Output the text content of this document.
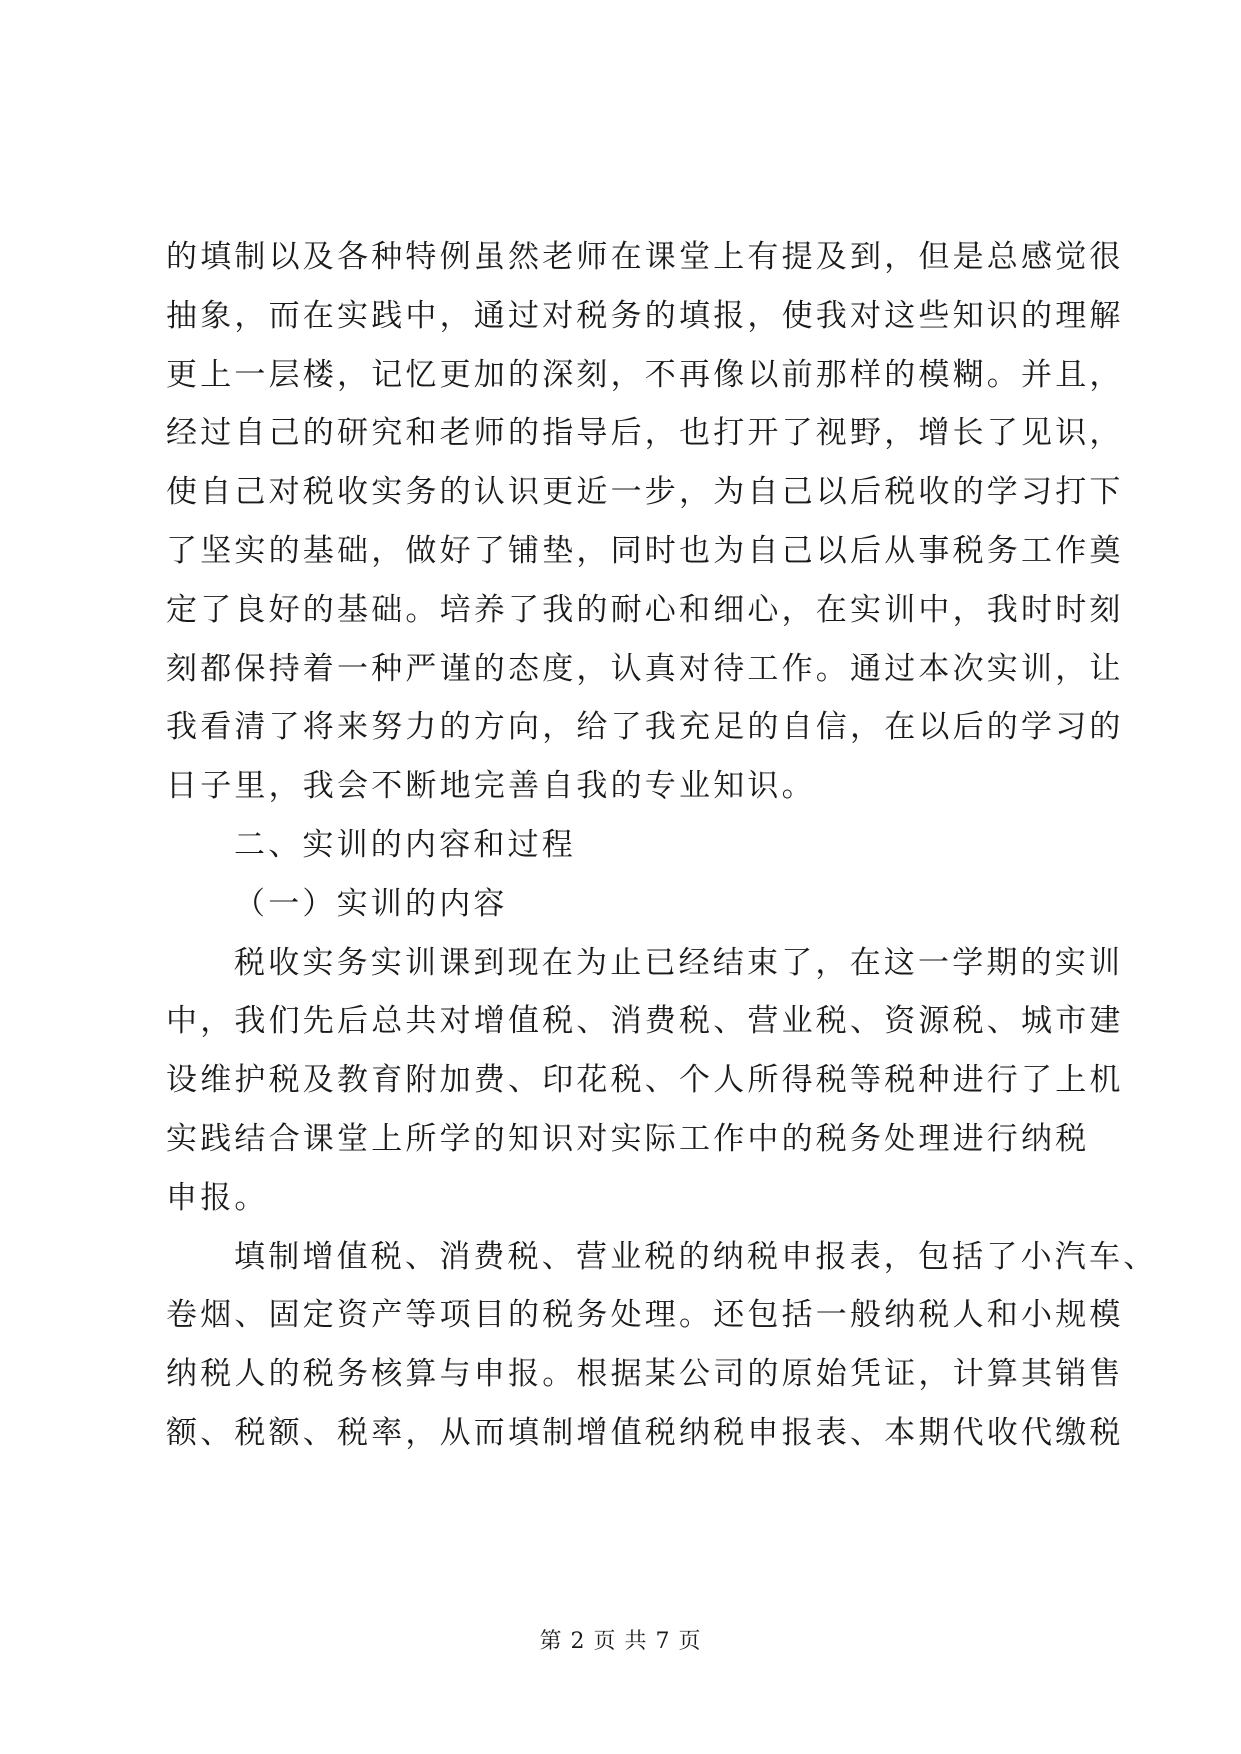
的填制以及各种特例虽然老师在课堂上有提及到，但是总感觉很
抽象，而在实践中，通过对税务的填报，使我对这些知识的理解
更上一层楼，记忆更加的深刻，不再像以前那样的模糊。并且，
经过自己的研究和老师的指导后，也打开了视野，增长了见识，
使自己对税收实务的认识更近一步，为自己以后税收的学习打下
了坚实的基础，做好了铺垫，同时也为自己以后从事税务工作奠
定了良好的基础。培养了我的耐心和细心，在实训中，我时时刻
刻都保持着一种严谨的态度，认真对待工作。通过本次实训，让
我看清了将来努力的方向，给了我充足的自信，在以后的学习的
日子里，我会不断地完善自我的专业知识。
二、实训的内容和过程
（一）实训的内容
税收实务实训课到现在为止已经结束了，在这一学期的实训
中，我们先后总共对增值税、消费税、营业税、资源税、城市建
设维护税及教育附加费、印花税、个人所得税等税种进行了上机
实践结合课堂上所学的知识对实际工作中的税务处理进行纳税
申报。
填制增值税、消费税、营业税的纳税申报表，包括了小汽车、
卷烟、固定资产等项目的税务处理。还包括一般纳税人和小规模
纳税人的税务核算与申报。根据某公司的原始凭证，计算其销售
额、税额、税率，从而填制增值税纳税申报表、本期代收代缴税
第 2 页 共 7 页
